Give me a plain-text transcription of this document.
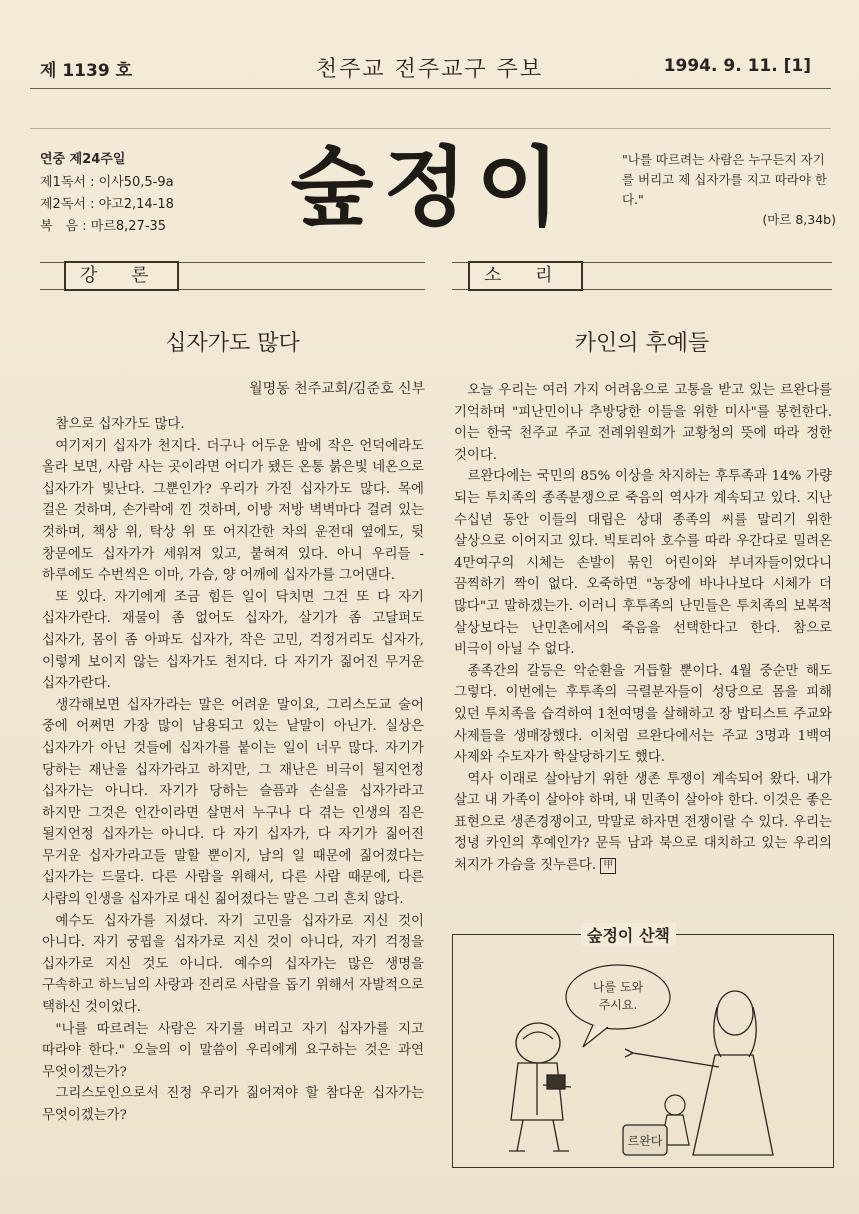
제 1139 호	천주교 전주교구 주보	1994. 9. 11. [1]
연중 제24주일
제1독서 : 이사50,5-9a
제2독서 : 야고2,14-18
복　음 : 마르8,27-35 숲정이	"나를 따르려는 사람은 누구든지 자기를 버리고 제 십자가를 지고 따라야 한다."
(마르 8,34b)
강 론
십자가도 많다
월명동 천주교회/김준호 신부

참으로 십자가도 많다.

여기저기 십자가 천지다. 더구나 어두운 밤에 작은 언덕에라도 올라 보면, 사람 사는 곳이라면 어디가 됐든 온통 붉은빛 네온으로 십자가가 빛난다. 그뿐인가? 우리가 가진 십자가도 많다. 목에 걸은 것하며, 손가락에 낀 것하며, 이방 저방 벽벽마다 걸려 있는 것하며, 책상 위, 탁상 위 또 어지간한 차의 운전대 옆에도, 뒷 창문에도 십자가가 세워져 있고, 붙혀져 있다. 아니 우리들 -하루에도 수번씩은 이마, 가슴, 양 어깨에 십자가를 그어댄다.

또 있다. 자기에게 조금 힘든 일이 닥치면 그건 또 다 자기 십자가란다. 재물이 좀 없어도 십자가, 살기가 좀 고달퍼도 십자가, 몸이 좀 아파도 십자가, 작은 고민, 걱정거리도 십자가, 이렇게 보이지 않는 십자가도 천지다. 다 자기가 짊어진 무거운 십자가란다.

생각해보면 십자가라는 말은 어려운 말이요, 그리스도교 술어 중에 어쩌면 가장 많이 남용되고 있는 낱말이 아닌가. 실상은 십자가가 아닌 것들에 십자가를 붙이는 일이 너무 많다. 자기가 당하는 재난을 십자가라고 하지만, 그 재난은 비극이 될지언정 십자가는 아니다. 자기가 당하는 슬픔과 손실을 십자가라고 하지만 그것은 인간이라면 살면서 누구나 다 겪는 인생의 짐은 될지언정 십자가는 아니다. 다 자기 십자가, 다 자기가 짊어진 무거운 십자가라고들 말할 뿐이지, 남의 일 때문에 짊어졌다는 십자가는 드물다. 다른 사람을 위해서, 다른 사람 때문에, 다른 사람의 인생을 십자가로 대신 짊어졌다는 말은 그리 흔치 않다.

예수도 십자가를 지셨다. 자기 고민을 십자가로 지신 것이 아니다. 자기 궁핍을 십자가로 지신 것이 아니다, 자기 걱정을 십자가로 지신 것도 아니다. 예수의 십자가는 많은 생명을 구속하고 하느님의 사랑과 진리로 사람을 돕기 위해서 자발적으로 택하신 것이었다.

"나를 따르려는 사람은 자기를 버리고 자기 십자가를 지고 따라야 한다." 오늘의 이 말씀이 우리에게 요구하는 것은 과연 무엇이겠는가?

그리스도인으로서 진정 우리가 짊어져야 할 참다운 십자가는 무엇이겠는가?

소 리
카인의 후예들

오늘 우리는 여러 가지 어려움으로 고통을 받고 있는 르완다를 기억하며 "피난민이나 추방당한 이들을 위한 미사"를 봉헌한다. 이는 한국 천주교 주교 전례위원회가 교황청의 뜻에 따라 정한 것이다.

르완다에는 국민의 85% 이상을 차지하는 후투족과 14% 가량 되는 투치족의 종족분쟁으로 죽음의 역사가 계속되고 있다. 지난 수십년 동안 이들의 대립은 상대 종족의 씨를 말리기 위한 살상으로 이어지고 있다. 빅토리아 호수를 따라 우간다로 밀려온 4만여구의 시체는 손발이 묶인 어린이와 부녀자들이었다니 끔찍하기 짝이 없다. 오죽하면 "농장에 바나나보다 시체가 더 많다"고 말하겠는가. 이러니 후투족의 난민들은 투치족의 보복적 살상보다는 난민촌에서의 죽음을 선택한다고 한다. 참으로 비극이 아닐 수 없다.

종족간의 갈등은 악순환을 거듭할 뿐이다. 4월 중순만 해도 그렇다. 이번에는 후투족의 극렬분자들이 성당으로 몸을 피해 있던 투치족을 습격하여 1천여명을 살해하고 장 밥티스트 주교와 사제들을 생매장했다. 이처럼 르완다에서는 주교 3명과 1백여 사제와 수도자가 학살당하기도 했다.

역사 이래로 살아남기 위한 생존 투쟁이 계속되어 왔다. 내가 살고 내 가족이 살아야 하며, 내 민족이 살아야 한다. 이것은 좋은 표현으로 생존경쟁이고, 막말로 하자면 전쟁이랄 수 있다. 우리는 정녕 카인의 후예인가? 문득 남과 북으로 대치하고 있는 우리의 처지가 가슴을 짓누른다. 甲

숲정이 산책
나를 도와
주시요.
르완다
